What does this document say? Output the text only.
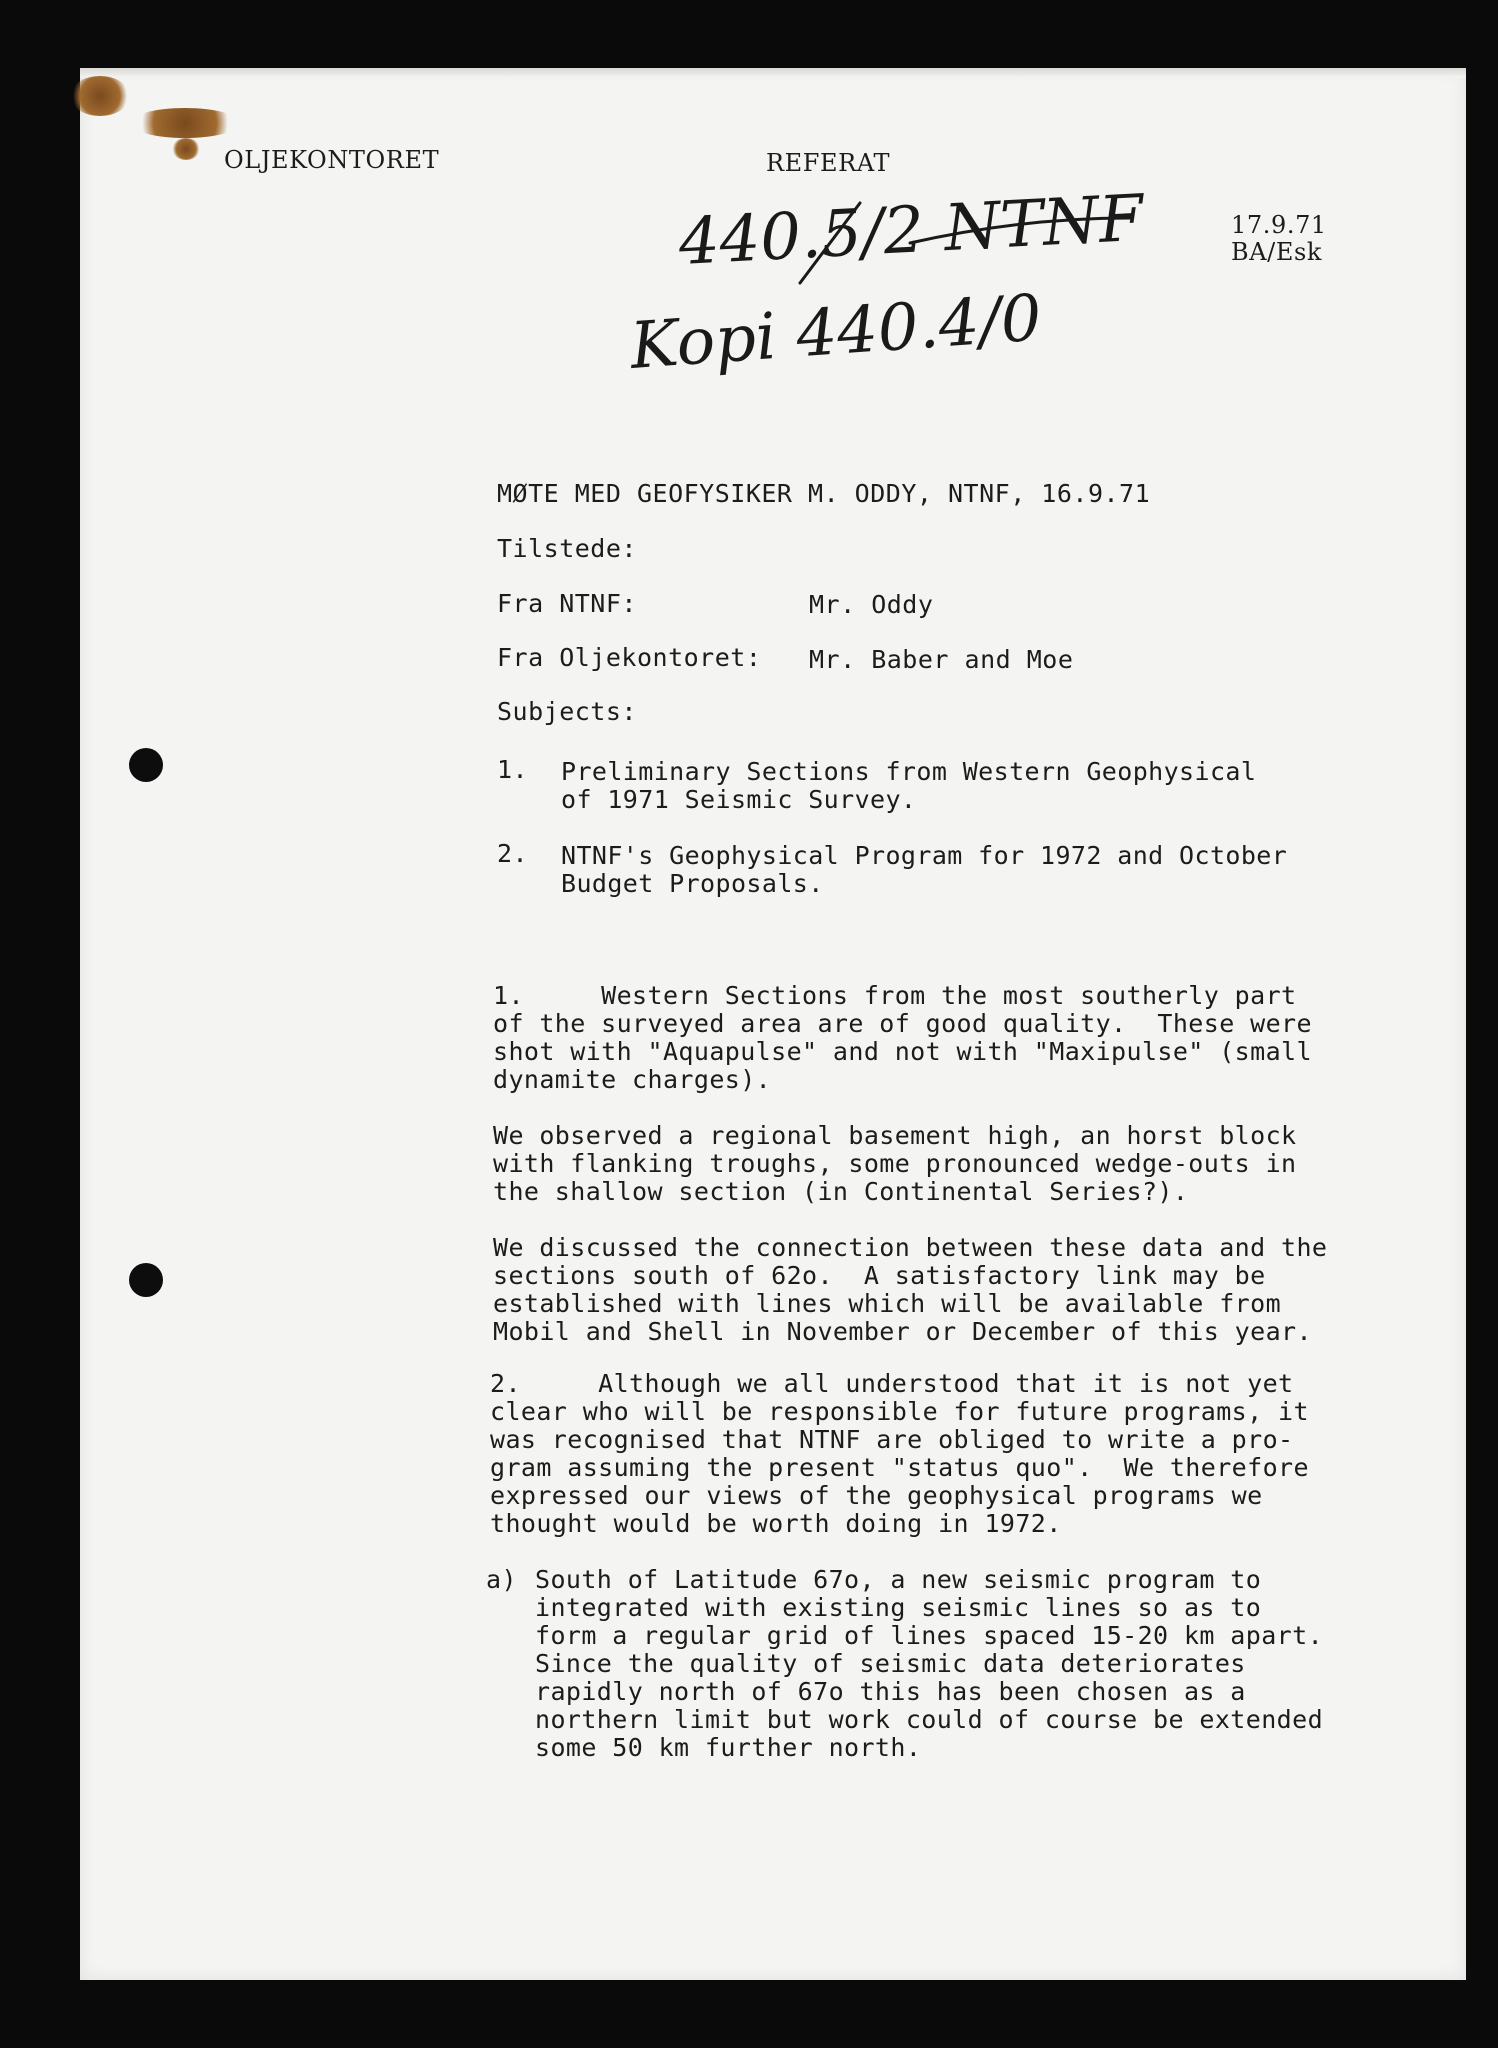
OLJEKONTORET	REFERAT
17.9.71
BA/Esk
440.5/2 NTNF
Kopi 440.4/0
MØTE MED GEOFYSIKER M. ODDY, NTNF, 16.9.71
Tilstede:
Fra NTNF:	Mr. Oddy
Fra Oljekontoret: Mr. Baber and Moe
Subjects:
1. Preliminary Sections from Western Geophysical
of 1971 Seismic Survey.
2. NTNF's Geophysical Program for 1972 and October
Budget Proposals.
1.     Western Sections from the most southerly part
of the surveyed area are of good quality.  These were
shot with "Aquapulse" and not with "Maxipulse" (small
dynamite charges).
We observed a regional basement high, an horst block
with flanking troughs, some pronounced wedge-outs in
the shallow section (in Continental Series?).
We discussed the connection between these data and the
sections south of 62o.  A satisfactory link may be
established with lines which will be available from
Mobil and Shell in November or December of this year.
2.     Although we all understood that it is not yet
clear who will be responsible for future programs, it
was recognised that NTNF are obliged to write a pro-
gram assuming the present "status quo".  We therefore
expressed our views of the geophysical programs we
thought would be worth doing in 1972.
a) South of Latitude 67o, a new seismic program to
integrated with existing seismic lines so as to
form a regular grid of lines spaced 15-20 km apart.
Since the quality of seismic data deteriorates
rapidly north of 67o this has been chosen as a
northern limit but work could of course be extended
some 50 km further north.
